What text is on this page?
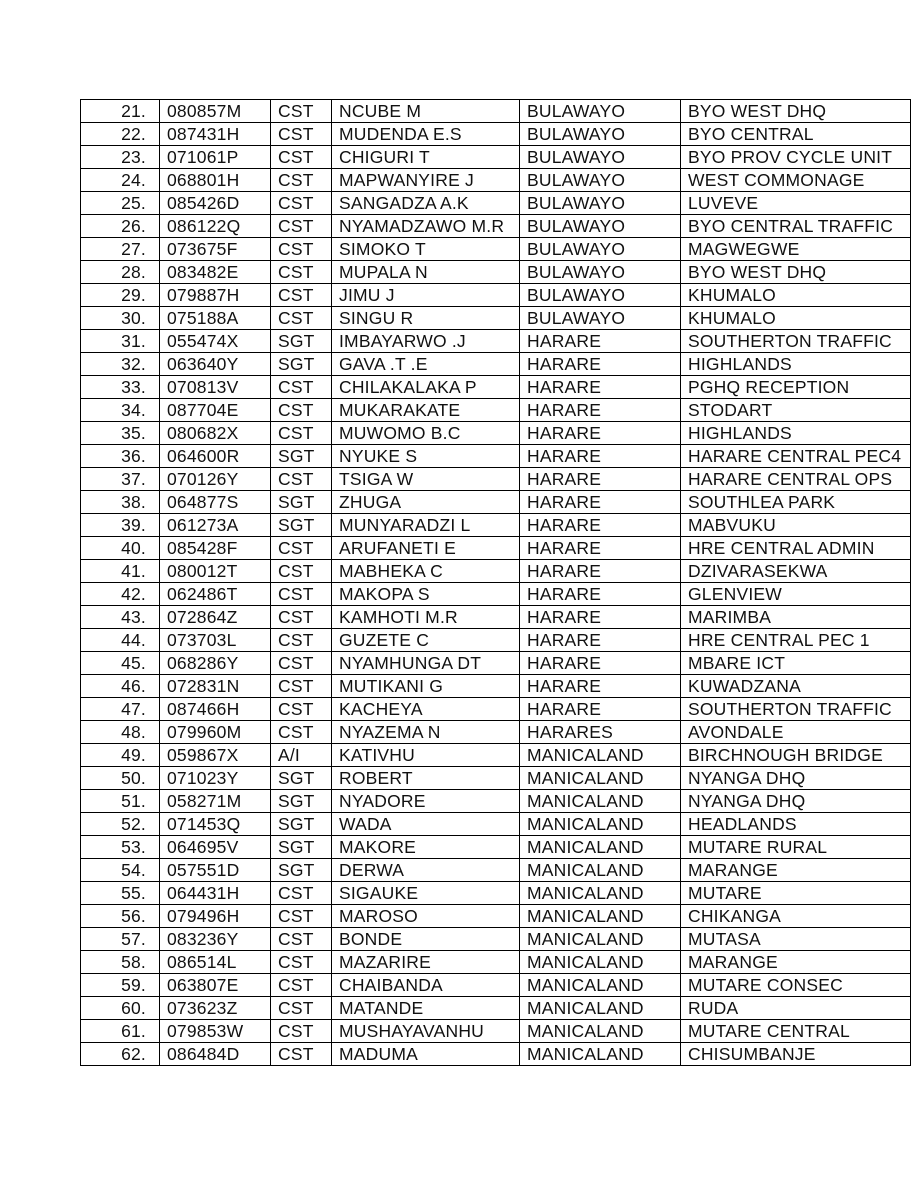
21.	080857M	CST	NCUBE M	BULAWAYO	BYO WEST DHQ
22.	087431H	CST	MUDENDA E.S	BULAWAYO	BYO CENTRAL
23.	071061P	CST	CHIGURI T	BULAWAYO	BYO PROV CYCLE UNIT
24.	068801H	CST	MAPWANYIRE J	BULAWAYO	WEST COMMONAGE
25.	085426D	CST	SANGADZA A.K	BULAWAYO	LUVEVE
26.	086122Q	CST	NYAMADZAWO M.R	BULAWAYO	BYO CENTRAL TRAFFIC
27.	073675F	CST	SIMOKO T	BULAWAYO	MAGWEGWE
28.	083482E	CST	MUPALA N	BULAWAYO	BYO WEST DHQ
29.	079887H	CST	JIMU J	BULAWAYO	KHUMALO
30.	075188A	CST	SINGU R	BULAWAYO	KHUMALO
31.	055474X	SGT	IMBAYARWO .J	HARARE	SOUTHERTON TRAFFIC
32.	063640Y	SGT	GAVA .T .E	HARARE	HIGHLANDS
33.	070813V	CST	CHILAKALAKA P	HARARE	PGHQ RECEPTION
34.	087704E	CST	MUKARAKATE	HARARE	STODART
35.	080682X	CST	MUWOMO B.C	HARARE	HIGHLANDS
36.	064600R	SGT	NYUKE S	HARARE	HARARE CENTRAL PEC4
37.	070126Y	CST	TSIGA W	HARARE	HARARE CENTRAL OPS
38.	064877S	SGT	ZHUGA	HARARE	SOUTHLEA PARK
39.	061273A	SGT	MUNYARADZI L	HARARE	MABVUKU
40.	085428F	CST	ARUFANETI E	HARARE	HRE CENTRAL ADMIN
41.	080012T	CST	MABHEKA C	HARARE	DZIVARASEKWA
42.	062486T	CST	MAKOPA S	HARARE	GLENVIEW
43.	072864Z	CST	KAMHOTI M.R	HARARE	MARIMBA
44.	073703L	CST	GUZETE C	HARARE	HRE CENTRAL PEC 1
45.	068286Y	CST	NYAMHUNGA DT	HARARE	MBARE ICT
46.	072831N	CST	MUTIKANI G	HARARE	KUWADZANA
47.	087466H	CST	KACHEYA	HARARE	SOUTHERTON TRAFFIC
48.	079960M	CST	NYAZEMA N	HARARES	AVONDALE
49.	059867X	A/I	KATIVHU	MANICALAND	BIRCHNOUGH BRIDGE
50.	071023Y	SGT	ROBERT	MANICALAND	NYANGA DHQ
51.	058271M	SGT	NYADORE	MANICALAND	NYANGA DHQ
52.	071453Q	SGT	WADA	MANICALAND	HEADLANDS
53.	064695V	SGT	MAKORE	MANICALAND	MUTARE RURAL
54.	057551D	SGT	DERWA	MANICALAND	MARANGE
55.	064431H	CST	SIGAUKE	MANICALAND	MUTARE
56.	079496H	CST	MAROSO	MANICALAND	CHIKANGA
57.	083236Y	CST	BONDE	MANICALAND	MUTASA
58.	086514L	CST	MAZARIRE	MANICALAND	MARANGE
59.	063807E	CST	CHAIBANDA	MANICALAND	MUTARE CONSEC
60.	073623Z	CST	MATANDE	MANICALAND	RUDA
61.	079853W	CST	MUSHAYAVANHU	MANICALAND	MUTARE CENTRAL
62.	086484D	CST	MADUMA	MANICALAND	CHISUMBANJE
